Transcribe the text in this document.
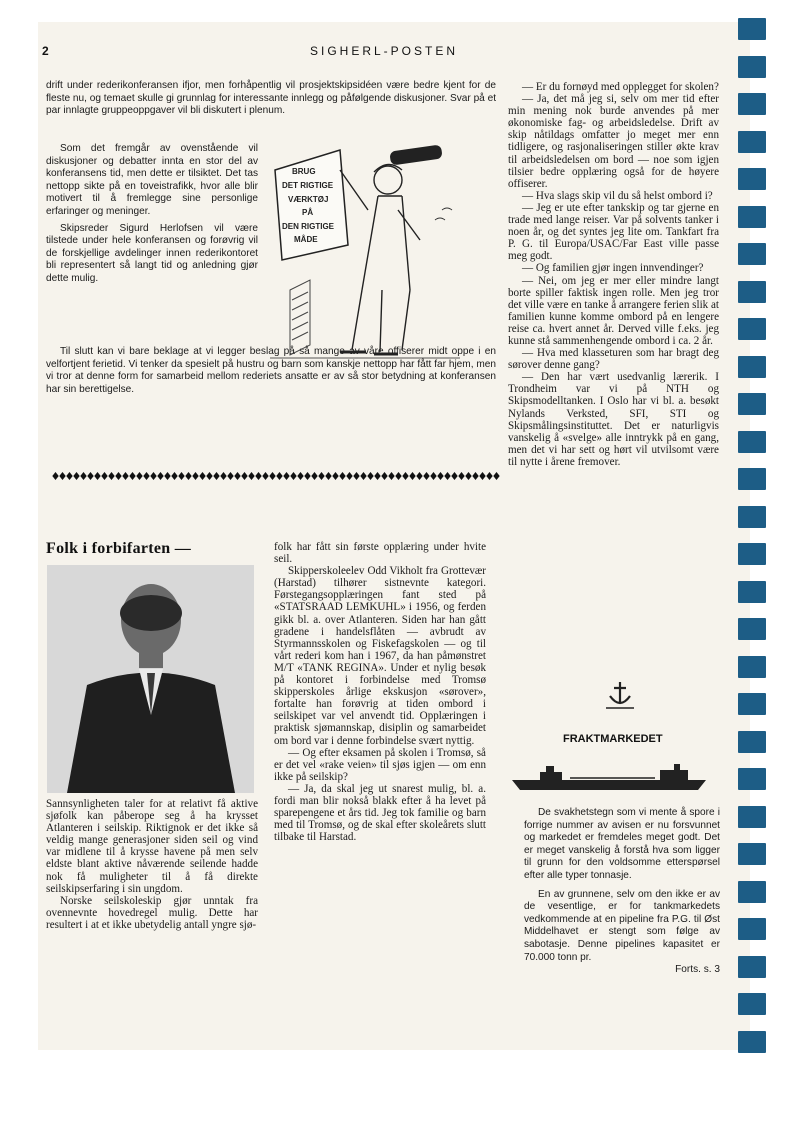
2	SIGHERL-POSTEN

drift under rederikonferansen ifjor, men forhåpentlig vil prosjektskipsidéen være bedre kjent for de fleste nu, og temaet skulle gi grunnlag for interessante innlegg og påfølgende diskusjoner. Svar på et par innlagte gruppeoppgaver vil bli diskutert i plenum.

Som det fremgår av ovenstående vil diskusjoner og debatter innta en stor del av konferansens tid, men dette er tilsiktet. Det tas nettopp sikte på en toveistrafikk, hvor alle blir motivert til å fremlegge sine personlige erfaringer og meninger.

Skipsreder Sigurd Herlofsen vil være tilstede under hele konferansen og forøvrig vil de forskjellige avdelinger innen rederikontoret bli representert så langt tid og anledning gjør dette mulig.

Til slutt kan vi bare beklage at vi legger beslag på så mange av våre offiserer midt oppe i en velfortjent ferietid. Vi tenker da spesielt på hustru og barn som kanskje nettopp har fått far hjem, men vi tror at denne form for samarbeid mellom rederiets ansatte er av så stor betydning at konferansen har sin berettigelse.
BRUG
DET RIGTIGE
VÆRKTØJ
PÅ
DEN RIGTIGE
MÅDE
Folk i forbifarten —

Sannsynligheten taler for at relativt få aktive sjøfolk kan påberope seg å ha krysset Atlanteren i seilskip. Riktignok er det ikke så veldig mange generasjoner siden seil og vind var midlene til å krysse havene på men selv eldste blant aktive nåværende seilende hadde nok få muligheter til å få direkte seilskipserfaring i sin ungdom.

Norske seilskoleskip gjør unntak fra ovennevnte hovedregel mulig. Dette har resultert i at et ikke ubetydelig antall yngre sjø-

folk har fått sin første opplæring under hvite seil.

Skipperskoleelev Odd Vikholt fra Grottevær (Harstad) tilhører sistnevnte kategori. Førstegangsopplæringen fant sted på «STATSRAAD LEMKUHL» i 1956, og ferden gikk bl. a. over Atlanteren. Siden har han gått gradene i handelsflåten — avbrudt av Styrmannsskolen og Fiskefagskolen — og til vårt rederi kom han i 1967, da han påmønstret M/T «TANK REGINA». Under et nylig besøk på kontoret i forbindelse med Tromsø skipperskoles årlige ekskusjon «sørover», fortalte han forøvrig at tiden ombord i seilskipet var vel anvendt tid. Opplæringen i praktisk sjømannskap, disiplin og samarbeidet om bord var i denne forbindelse svært nyttig.

— Og efter eksamen på skolen i Tromsø, så er det vel «rake veien» til sjøs igjen — om enn ikke på seilskip?

— Ja, da skal jeg ut snarest mulig, bl. a. fordi man blir nokså blakk efter å ha levet på sparepengene et års tid. Jeg tok familie og barn med til Tromsø, og de skal efter skoleårets slutt tilbake til Harstad.

— Er du fornøyd med opplegget for skolen?

— Ja, det må jeg si, selv om mer tid efter min mening nok burde anvendes på mer økonomiske fag- og arbeidsledelse. Drift av skip nåtildags omfatter jo meget mer enn tidligere, og rasjonaliseringen stiller økte krav til arbeidsledelsen om bord — noe som igjen tilsier bedre opplæring også for de høyere offiserer.

— Hva slags skip vil du så helst ombord i?

— Jeg er ute efter tankskip og tar gjerne en trade med lange reiser. Var på solvents tanker i noen år, og det syntes jeg lite om. Tankfart fra P. G. til Europa/USAC/Far East ville passe meg godt.

— Og familien gjør ingen innvendinger?

— Nei, om jeg er mer eller mindre langt borte spiller faktisk ingen rolle. Men jeg tror det ville være en tanke å arrangere ferien slik at familien kunne komme ombord på en lengere reise ca. hvert annet år. Derved ville f.eks. jeg kunne stå sammenhengende ombord i ca. 2 år.

— Hva med klasseturen som har bragt deg sørover denne gang?

— Den har vært usedvanlig lærerik. I Trondheim var vi på NTH og Skipsmodelltanken. I Oslo har vi bl. a. besøkt Nylands Verksted, SFI, STI og Skipsmålingsinstituttet. Det er naturligvis vanskelig å «svelge» alle inntrykk på en gang, men det vi har sett og hørt vil utvilsomt være til nytte i årene fremover.

FRAKTMARKEDET

De svakhetstegn som vi mente å spore i forrige nummer av avisen er nu forsvunnet og markedet er fremdeles meget godt. Det er meget vanskelig å forstå hva som ligger til grunn for den voldsomme etterspørsel efter alle typer tonnasje.

En av grunnene, selv om den ikke er av de vesentlige, er for tankmarkedets vedkommende at en pipeline fra P.G. til Øst Middelhavet er stengt som følge av sabotasje. Denne pipelines kapasitet er 70.000 tonn pr.

Forts. s. 3
